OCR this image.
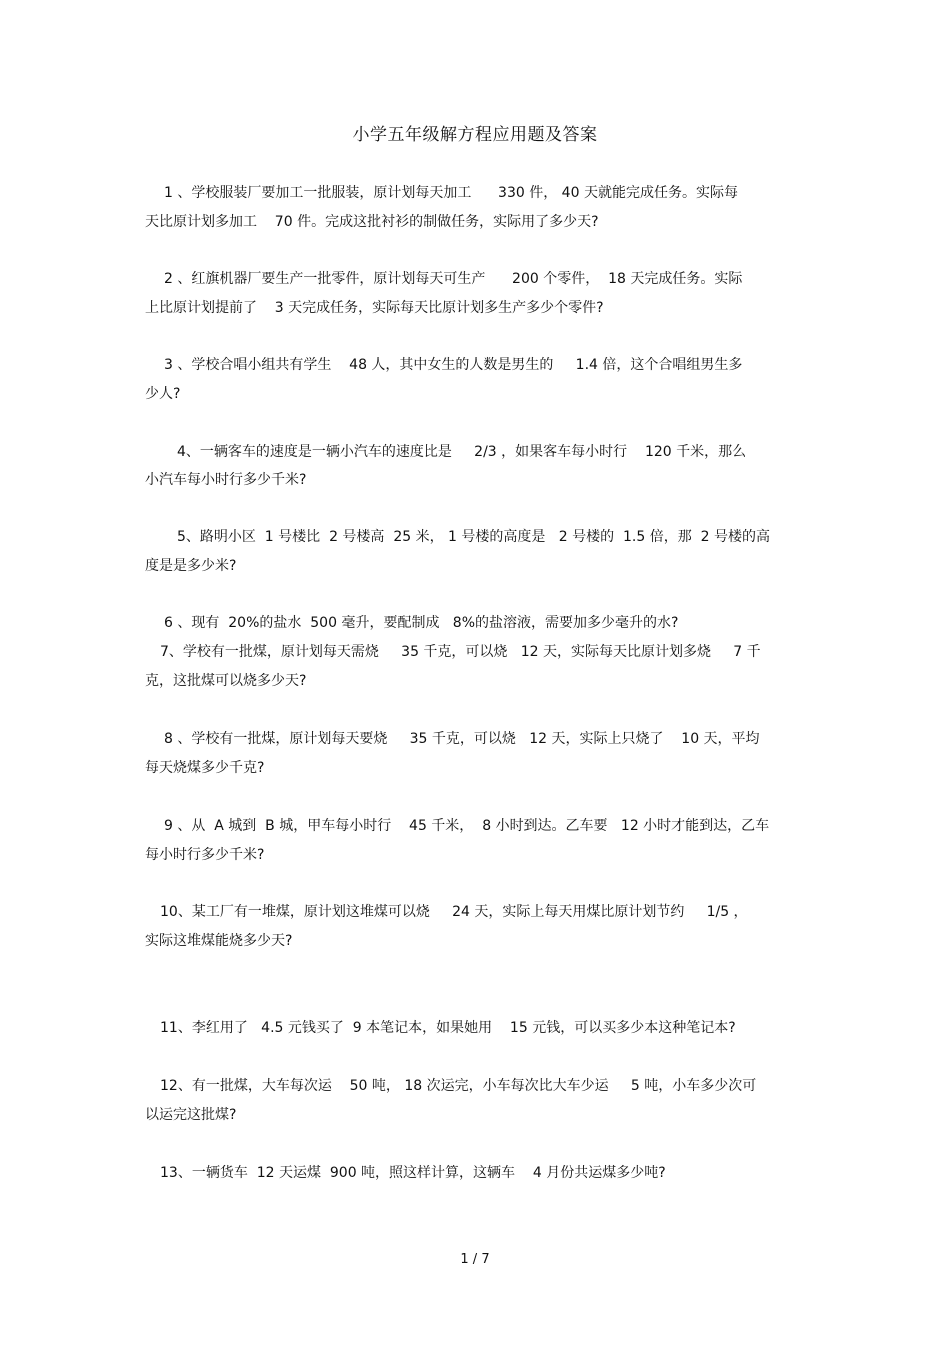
小学五年级解方程应用题及答案
1 、学校服装厂要加工一批服装，原计划每天加工      330 件， 40 天就能完成任务。实际每
天比原计划多加工    70 件。完成这批衬衫的制做任务，实际用了多少天?
2 、红旗机器厂要生产一批零件，原计划每天可生产      200 个零件，  18 天完成任务。实际
上比原计划提前了    3 天完成任务，实际每天比原计划多生产多少个零件?
3 、学校合唱小组共有学生    48 人，其中女生的人数是男生的     1.4 倍，这个合唱组男生多
少人?
4、一辆客车的速度是一辆小汽车的速度比是     2/3 ，如果客车每小时行    120 千米，那么
小汽车每小时行多少千米?
5、路明小区  1 号楼比  2 号楼高  25 米， 1 号楼的高度是   2 号楼的  1.5 倍，那  2 号楼的高
度是是多少米?
6 、现有  20%的盐水  500 毫升，要配制成   8%的盐溶液，需要加多少毫升的水?
7、学校有一批煤，原计划每天需烧     35 千克，可以烧   12 天，实际每天比原计划多烧     7 千
克，这批煤可以烧多少天?
8 、学校有一批煤，原计划每天要烧     35 千克，可以烧   12 天，实际上只烧了    10 天，平均
每天烧煤多少千克?
9 、从  A 城到  B 城，甲车每小时行    45 千米，  8 小时到达。乙车要   12 小时才能到达，乙车
每小时行多少千米?
10、某工厂有一堆煤，原计划这堆煤可以烧     24 天，实际上每天用煤比原计划节约     1/5 ，
实际这堆煤能烧多少天?
11、李红用了   4.5 元钱买了  9 本笔记本，如果她用    15 元钱，可以买多少本这种笔记本?
12、有一批煤，大车每次运    50 吨， 18 次运完，小车每次比大车少运     5 吨，小车多少次可
以运完这批煤?
13、一辆货车  12 天运煤  900 吨，照这样计算，这辆车    4 月份共运煤多少吨?
1 / 7
